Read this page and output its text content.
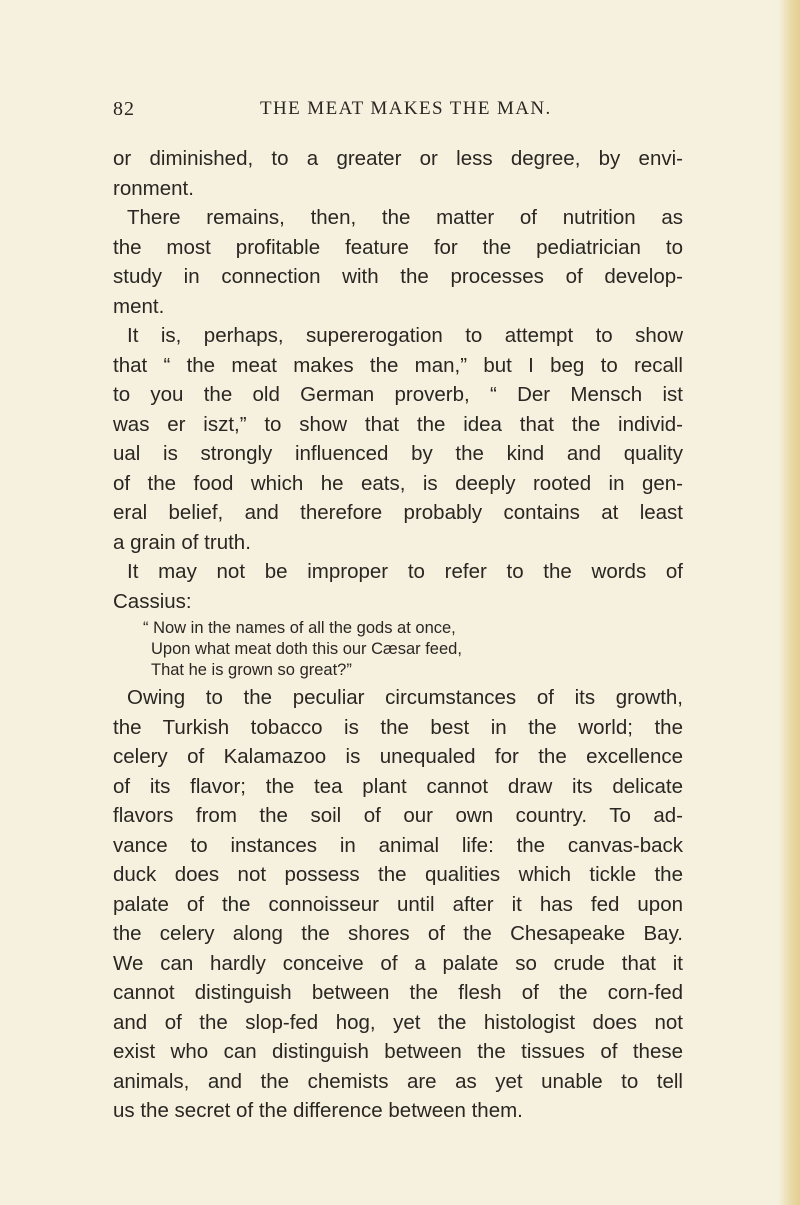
82	THE MEAT MAKES THE MAN.
or diminished, to a greater or less degree, by envi-
ronment.
There remains, then, the matter of nutrition as
the most profitable feature for the pediatrician to
study in connection with the processes of develop-
ment.
It is, perhaps, supererogation to attempt to show
that “ the meat makes the man,” but I beg to recall
to you the old German proverb, “ Der Mensch ist
was er iszt,” to show that the idea that the individ-
ual is strongly influenced by the kind and quality
of the food which he eats, is deeply rooted in gen-
eral belief, and therefore probably contains at least
a grain of truth.
It may not be improper to refer to the words of
Cassius:
“ Now in the names of all the gods at once,
Upon what meat doth this our Cæsar feed,
That he is grown so great?”
Owing to the peculiar circumstances of its growth,
the Turkish tobacco is the best in the world; the
celery of Kalamazoo is unequaled for the excellence
of its flavor; the tea plant cannot draw its delicate
flavors from the soil of our own country. To ad-
vance to instances in animal life: the canvas-back
duck does not possess the qualities which tickle the
palate of the connoisseur until after it has fed upon
the celery along the shores of the Chesapeake Bay.
We can hardly conceive of a palate so crude that it
cannot distinguish between the flesh of the corn-fed
and of the slop-fed hog, yet the histologist does not
exist who can distinguish between the tissues of these
animals, and the chemists are as yet unable to tell
us the secret of the difference between them.
